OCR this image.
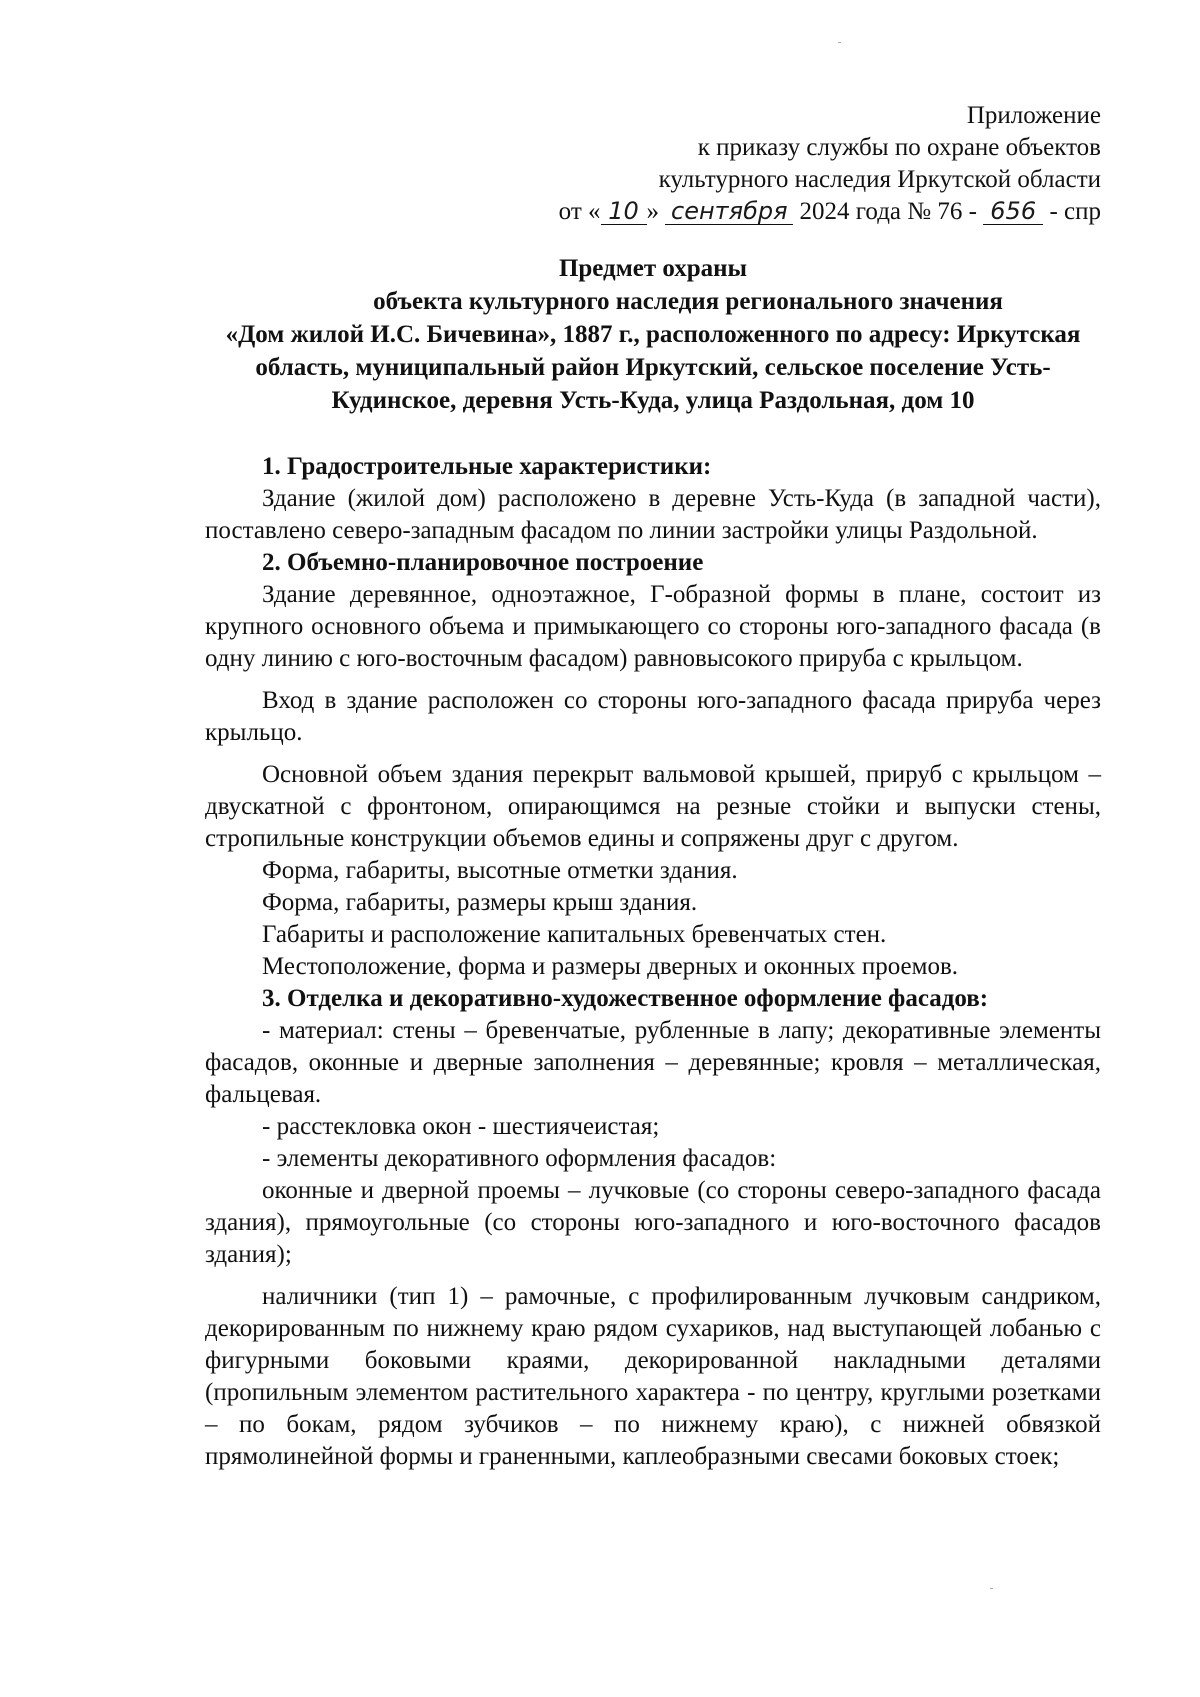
Приложение
к приказу службы по охране объектов
культурного наследия Иркутской области
от « 10 » сентября 2024 года № 76 - 656 - спр
Предмет охраны
объекта культурного наследия регионального значения
«Дом жилой И.С. Бичевина», 1887 г., расположенного по адресу: Иркутская область, муниципальный район Иркутский, сельское поселение Усть-Кудинское, деревня Усть-Куда, улица Раздольная, дом 10
1. Градостроительные характеристики:

Здание (жилой дом) расположено в деревне Усть-Куда (в западной части), поставлено северо-западным фасадом по линии застройки улицы Раздольной.

2. Объемно-планировочное построение

Здание деревянное, одноэтажное, Г-образной формы в плане, состоит из крупного основного объема и примыкающего со стороны юго-западного фасада (в одну линию с юго-восточным фасадом) равновысокого прируба с крыльцом.

Вход в здание расположен со стороны юго-западного фасада прируба через крыльцо.

Основной объем здания перекрыт вальмовой крышей, прируб с крыльцом – двускатной с фронтоном, опирающимся на резные стойки и выпуски стены, стропильные конструкции объемов едины и сопряжены друг с другом.

Форма, габариты, высотные отметки здания.

Форма, габариты, размеры крыш здания.

Габариты и расположение капитальных бревенчатых стен.

Местоположение, форма и размеры дверных и оконных проемов.

3. Отделка и декоративно-художественное оформление фасадов:

- материал: стены – бревенчатые, рубленные в лапу; декоративные элементы фасадов, оконные и дверные заполнения – деревянные; кровля – металлическая, фальцевая.

- расстекловка окон - шестиячеистая;

- элементы декоративного оформления фасадов:

оконные и дверной проемы – лучковые (со стороны северо-западного фасада здания), прямоугольные (со стороны юго-западного и юго-восточного фасадов здания);

наличники (тип 1) – рамочные, с профилированным лучковым сандриком, декорированным по нижнему краю рядом сухариков, над выступающей лобанью с фигурными боковыми краями, декорированной накладными деталями (пропильным элементом растительного характера - по центру, круглыми розетками – по бокам, рядом зубчиков – по нижнему краю), с нижней обвязкой прямолинейной формы и граненными, каплеобразными свесами боковых стоек;
